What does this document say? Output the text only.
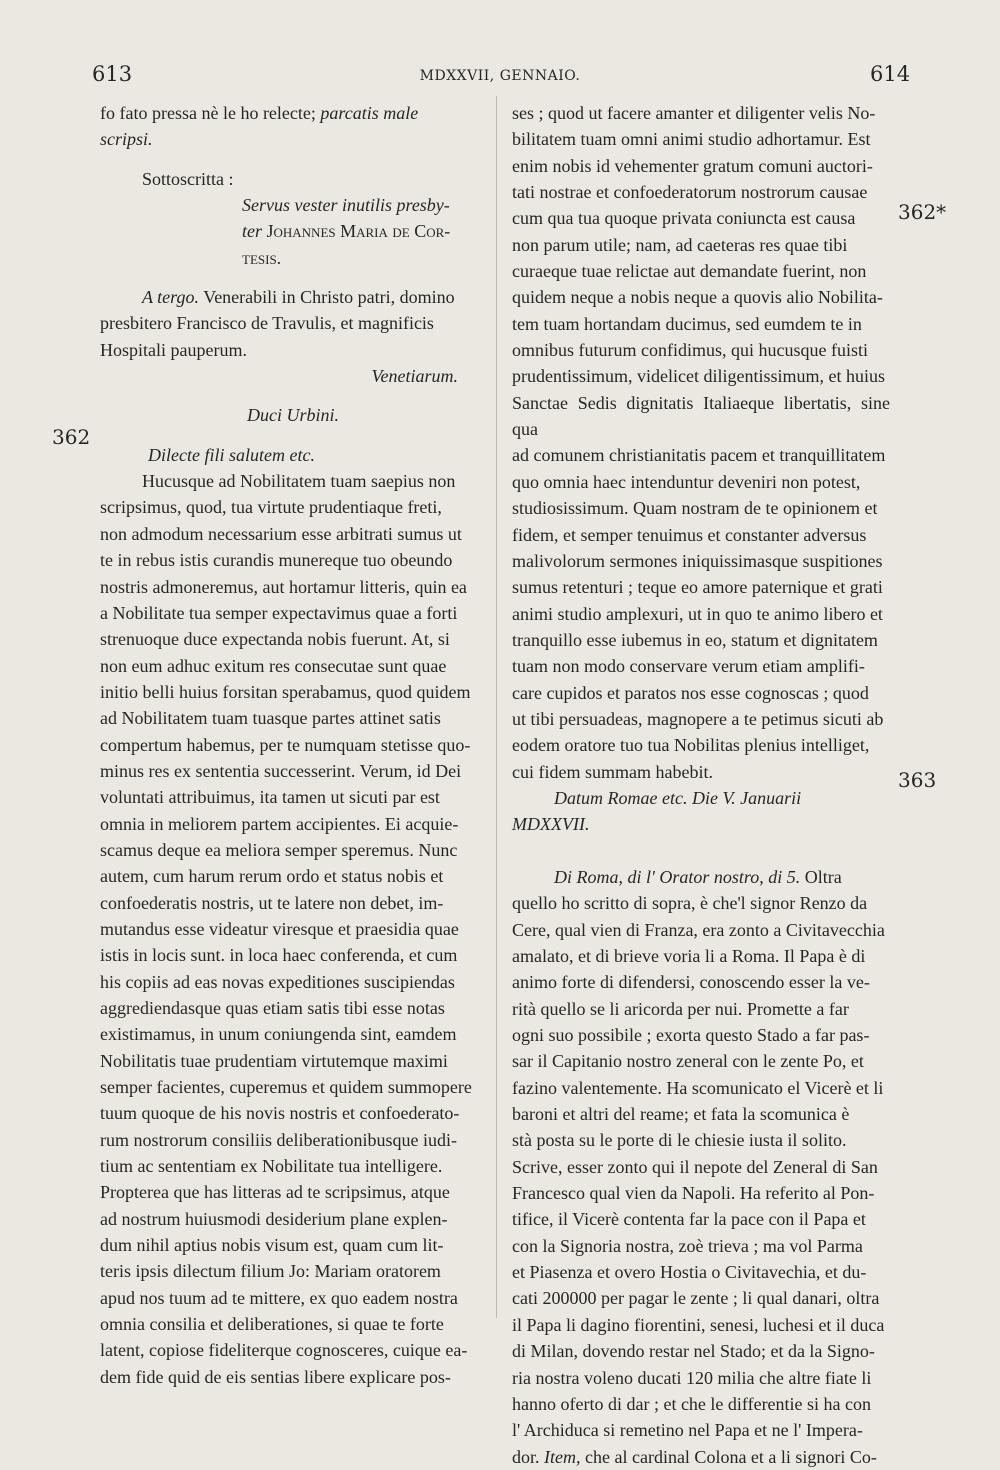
613	MDXXVII, GENNAIO.	614
362
362*
363
fo fato pressa nè le ho relecte; parcatis male
scripsi.
Sottoscritta :
Servus vester inutilis presby-
ter Johannes Maria de Cor-
tesis.
A tergo. Venerabili in Christo patri, domino
presbitero Francisco de Travulis, et magnificis
Hospitali pauperum.
Venetiarum.
Duci Urbini.
Dilecte fili salutem etc.
Hucusque ad Nobilitatem tuam saepius non
scripsimus, quod, tua virtute prudentiaque freti,
non admodum necessarium esse arbitrati sumus ut
te in rebus istis curandis munereque tuo obeundo
nostris admoneremus, aut hortamur litteris, quin ea
a Nobilitate tua semper expectavimus quae a forti
strenuoque duce expectanda nobis fuerunt. At, si
non eum adhuc exitum res consecutae sunt quae
initio belli huius forsitan sperabamus, quod quidem
ad Nobilitatem tuam tuasque partes attinet satis
compertum habemus, per te numquam stetisse quo-
minus res ex sententia successerint. Verum, id Dei
voluntati attribuimus, ita tamen ut sicuti par est
omnia in meliorem partem accipientes. Ei acquie-
scamus deque ea meliora semper speremus. Nunc
autem, cum harum rerum ordo et status nobis et
confoederatis nostris, ut te latere non debet, im-
mutandus esse videatur viresque et praesidia quae
istis in locis sunt. in loca haec conferenda, et cum
his copiis ad eas novas expeditiones suscipiendas
aggrediendasque quas etiam satis tibi esse notas
existimamus, in unum coniungenda sint, eamdem
Nobilitatis tuae prudentiam virtutemque maximi
semper facientes, cuperemus et quidem summopere
tuum quoque de his novis nostris et confoederato-
rum nostrorum consiliis deliberationibusque iudi-
tium ac sententiam ex Nobilitate tua intelligere.
Propterea que has litteras ad te scripsimus, atque
ad nostrum huiusmodi desiderium plane explen-
dum nihil aptius nobis visum est, quam cum lit-
teris ipsis dilectum filium Jo: Mariam oratorem
apud nos tuum ad te mittere, ex quo eadem nostra
omnia consilia et deliberationes, si quae te forte
latent, copiose fideliterque cognosceres, cuique ea-
dem fide quid de eis sentias libere explicare pos-
ses ; quod ut facere amanter et diligenter velis No-
bilitatem tuam omni animi studio adhortamur. Est
enim nobis id vehementer gratum comuni auctori-
tati nostrae et confoederatorum nostrorum causae
cum qua tua quoque privata coniuncta est causa
non parum utile; nam, ad caeteras res quae tibi
curaeque tuae relictae aut demandate fuerint, non
quidem neque a nobis neque a quovis alio Nobilita-
tem tuam hortandam ducimus, sed eumdem te in
omnibus futurum confidimus, qui hucusque fuisti
prudentissimum, videlicet diligentissimum, et huius
Sanctae Sedis dignitatis Italiaeque libertatis, sine qua
ad comunem christianitatis pacem et tranquillitatem
quo omnia haec intenduntur deveniri non potest,
studiosissimum. Quam nostram de te opinionem et
fidem, et semper tenuimus et constanter adversus
malivolorum sermones iniquissimasque suspitiones
sumus retenturi ; teque eo amore paternique et grati
animi studio amplexuri, ut in quo te animo libero et
tranquillo esse iubemus in eo, statum et dignitatem
tuam non modo conservare verum etiam amplifi-
care cupidos et paratos nos esse cognoscas ; quod
ut tibi persuadeas, magnopere a te petimus sicuti ab
eodem oratore tuo tua Nobilitas plenius intelliget,
cui fidem summam habebit.
Datum Romae etc. Die V. Januarii
MDXXVII.
Di Roma, di l' Orator nostro, di 5. Oltra
quello ho scritto di sopra, è che'l signor Renzo da
Cere, qual vien di Franza, era zonto a Civitavecchia
amalato, et di brieve voria li a Roma. Il Papa è di
animo forte di difendersi, conoscendo esser la ve-
rità quello se li aricorda per nui. Promette a far
ogni suo possibile ; exorta questo Stado a far pas-
sar il Capitanio nostro zeneral con le zente Po, et
fazino valentemente. Ha scomunicato el Vicerè et li
baroni et altri del reame; et fata la scomunica è
stà posta su le porte di le chiesie iusta il solito.
Scrive, esser zonto qui il nepote del Zeneral di San
Francesco qual vien da Napoli. Ha referito al Pon-
tifice, il Vicerè contenta far la pace con il Papa et
con la Signoria nostra, zoè trieva ; ma vol Parma
et Piasenza et overo Hostia o Civitavechia, et du-
cati 200000 per pagar le zente ; li qual danari, oltra
il Papa li dagino fiorentini, senesi, luchesi et il duca
di Milan, dovendo restar nel Stado; et da la Signo-
ria nostra voleno ducati 120 milia che altre fiate li
hanno oferto di dar ; et che le differentie si ha con
l' Archiduca si remetino nel Papa et ne l' Impera-
dor. Item, che al cardinal Colona et a li signori Co-
